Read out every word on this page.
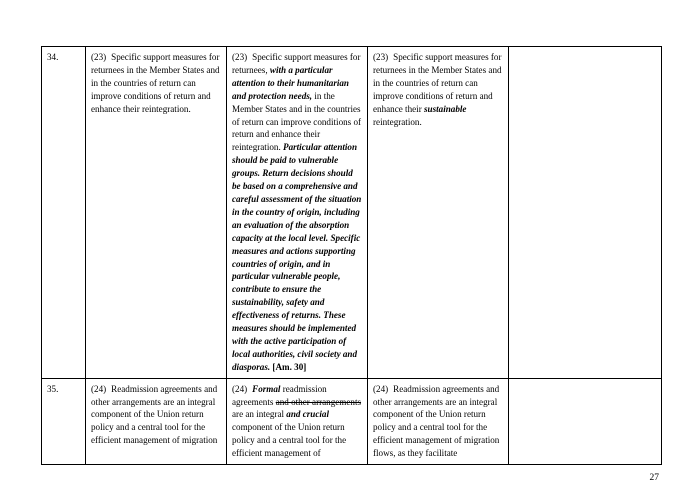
34.	(23) Specific support measures for returnees in the Member States and in the countries of return can improve conditions of return and enhance their reintegration.	(23) Specific support measures for returnees, with a particular attention to their humanitarian and protection needs, in the Member States and in the countries of return can improve conditions of return and enhance their reintegration. Particular attention should be paid to vulnerable groups. Return decisions should be based on a comprehensive and careful assessment of the situation in the country of origin, including an evaluation of the absorption capacity at the local level. Specific measures and actions supporting countries of origin, and in particular vulnerable people, contribute to ensure the sustainability, safety and effectiveness of returns. These measures should be implemented with the active participation of local authorities, civil society and diasporas. [Am. 30]	(23) Specific support measures for returnees in the Member States and in the countries of return can improve conditions of return and enhance their sustainable reintegration.	

35.	(24) Readmission agreements and other arrangements are an integral component of the Union return policy and a central tool for the efficient management of migration	(24) Formal readmission agreements and other arrangements are an integral and crucial component of the Union return policy and a central tool for the efficient management of	(24) Readmission agreements and other arrangements are an integral component of the Union return policy and a central tool for the efficient management of migration flows, as they facilitate	

27
